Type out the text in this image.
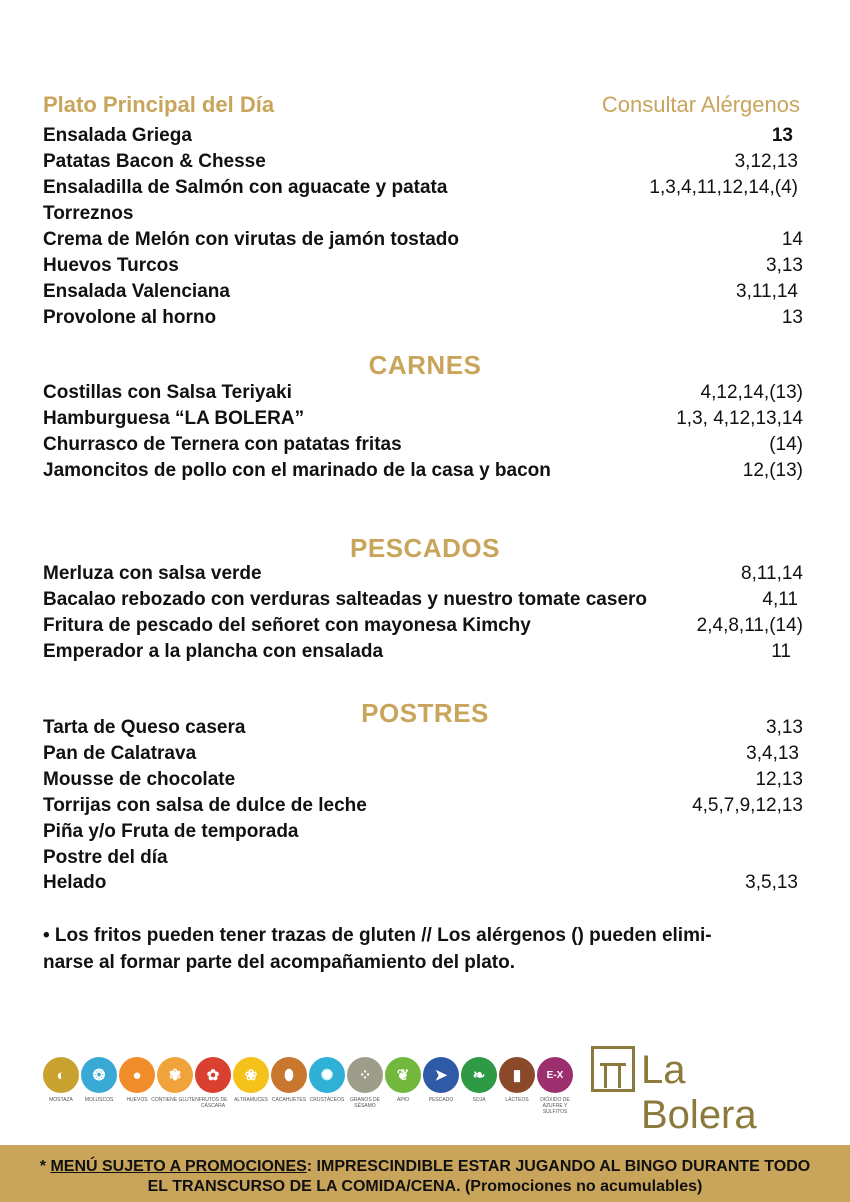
Plato Principal del Día	Consultar Alérgenos
Ensalada Griega	13
Patatas Bacon & Chesse	3,12,13
Ensaladilla de Salmón con aguacate y patata	1,3,4,11,12,14,(4)
Torreznos
Crema de Melón con virutas de jamón tostado	14
Huevos Turcos	3,13
Ensalada Valenciana	3,11,14
Provolone al horno	13
CARNES
Costillas con Salsa Teriyaki	4,12,14,(13)
Hamburguesa “LA BOLERA”	1,3, 4,12,13,14
Churrasco de Ternera con patatas fritas	(14)
Jamoncitos de pollo con el marinado de la casa y bacon	12,(13)
PESCADOS
Merluza con salsa verde	8,11,14
Bacalao rebozado con verduras salteadas y nuestro tomate casero	4,11
Fritura de pescado del señoret con mayonesa Kimchy	2,4,8,11,(14)
Emperador a la plancha con ensalada	11
POSTRES
Tarta de Queso casera	3,13
Pan de Calatrava	3,4,13
Mousse de chocolate	12,13
Torrijas con salsa de dulce de leche	4,5,7,9,12,13
Piña y/o Fruta de temporada
Postre del día
Helado	3,5,13
• Los fritos pueden tener trazas de gluten // Los alérgenos () pueden elimi-
narse al formar parte del acompañamiento del plato.
◐
MOSTAZA
❂
MOLUSCOS
●
HUEVOS
✾
CONTIENE GLUTEN
✿
FRUTOS DE CÁSCARA
❀
ALTRAMUCES
⬮
CACAHUETES
✺
CRUSTÁCEOS
⁘
GRANOS DE SÉSAMO
❦
APIO
➤
PESCADO
❧
SOJA
▮
LÁCTEOS
E-X
DIÓXIDO DE AZUFRE Y SULFITOS
La Bolera
* MENÚ SUJETO A PROMOCIONES: IMPRESCINDIBLE ESTAR JUGANDO AL BINGO DURANTE TODO
EL TRANSCURSO DE LA COMIDA/CENA. (Promociones no acumulables)
